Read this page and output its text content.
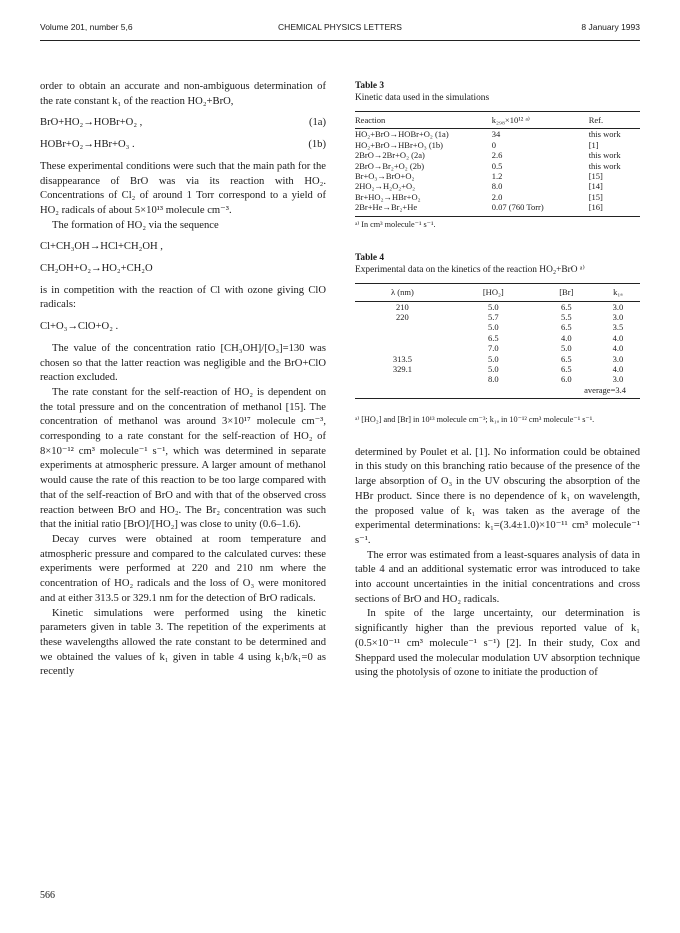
Volume 201, number 5,6	CHEMICAL PHYSICS LETTERS	8 January 1993

order to obtain an accurate and non-ambiguous determination of the rate constant k₁ of the reaction HO₂+BrO,

BrO+HO₂→HOBr+O₂ ,	(1a)
HOBr+O₂→HBr+O₃ .	(1b)

These experimental conditions were such that the main path for the disappearance of BrO was via its reaction with HO₂. Concentrations of Cl₂ of around 1 Torr correspond to a yield of HO₂ radicals of about 5×10¹³ molecule cm⁻³.

The formation of HO₂ via the sequence

Cl+CH₃OH→HCl+CH₂OH ,
CH₂OH+O₂→HO₂+CH₂O

is in competition with the reaction of Cl with ozone giving ClO radicals:

Cl+O₃→ClO+O₂ .

The value of the concentration ratio [CH₃OH]/[O₃]=130 was chosen so that the latter reaction was negligible and the BrO+ClO reaction excluded.

The rate constant for the self-reaction of HO₂ is dependent on the total pressure and on the concentration of methanol [15]. The concentration of methanol was around 3×10¹⁷ molecule cm⁻³, corresponding to a rate constant for the self-reaction of HO₂ of 8×10⁻¹² cm³ molecule⁻¹ s⁻¹, which was determined in separate experiments at atmospheric pressure. A larger amount of methanol would cause the rate of this reaction to be too large compared with that of the self-reaction of BrO and with that of the observed cross reaction between BrO and HO₂. The Br₂ concentration was such that the initial ratio [BrO]/[HO₂] was close to unity (0.6–1.6).

Decay curves were obtained at room temperature and atmospheric pressure and compared to the calculated curves: these experiments were performed at 220 and 210 nm where the concentration of HO₂ radicals and the loss of O₃ were monitored and at either 313.5 or 329.1 nm for the detection of BrO radicals.

Kinetic simulations were performed using the kinetic parameters given in table 3. The repetition of the experiments at these wavelengths allowed the rate constant to be determined and we obtained the values of k₁ given in table 4 using k₁b/k₁=0 as recently

Table 3
Kinetic data used in the simulations
Reaction	k₂₉₈×10¹² ᵃ⁾	Ref.
HO₂+BrO→HOBr+O₂ (1a)	34	this work
HO₂+BrO→HBr+O₃ (1b)	0	[1]
2BrO→2Br+O₂ (2a)	2.6	this work
2BrO→Br₂+O₂ (2b)	0.5	this work
Br+O₃→BrO+O₂	1.2	[15]
2HO₂→H₂O₂+O₂	8.0	[14]
Br+HO₂→HBr+O₂	2.0	[15]
2Br+He→Br₂+He	0.07 (760 Torr)	[16]
ᵃ⁾ In cm³ molecule⁻¹ s⁻¹.
Table 4
Experimental data on the kinetics of the reaction HO₂+BrO ᵃ⁾
λ (nm)	[HO₂]	[Br]	k₁ₐ
210	5.0	6.5	3.0
220	5.7	5.5	3.0
	5.0	6.5	3.5
	6.5	4.0	4.0
	7.0	5.0	4.0
313.5	5.0	6.5	3.0
329.1	5.0	6.5	4.0
	8.0	6.0	3.0
average=3.4			
ᵃ⁾ [HO₂] and [Br] in 10¹³ molecule cm⁻³; k₁ₐ in 10⁻¹² cm³ molecule⁻¹ s⁻¹.

determined by Poulet et al. [1]. No information could be obtained in this study on this branching ratio because of the presence of the large absorption of O₃ in the UV obscuring the absorption of the HBr product. Since there is no dependence of k₁ on wavelength, the proposed value of k₁ was taken as the average of the experimental determinations: k₁=(3.4±1.0)×10⁻¹¹ cm³ molecule⁻¹ s⁻¹.

The error was estimated from a least-squares analysis of data in table 4 and an additional systematic error was introduced to take into account uncertainties in the initial concentrations and cross sections of BrO and HO₂ radicals.

In spite of the large uncertainty, our determination is significantly higher than the previous reported value of k₁ (0.5×10⁻¹¹ cm³ molecule⁻¹ s⁻¹) [2]. In their study, Cox and Sheppard used the molecular modulation UV absorption technique using the photolysis of ozone to initiate the production of

566
